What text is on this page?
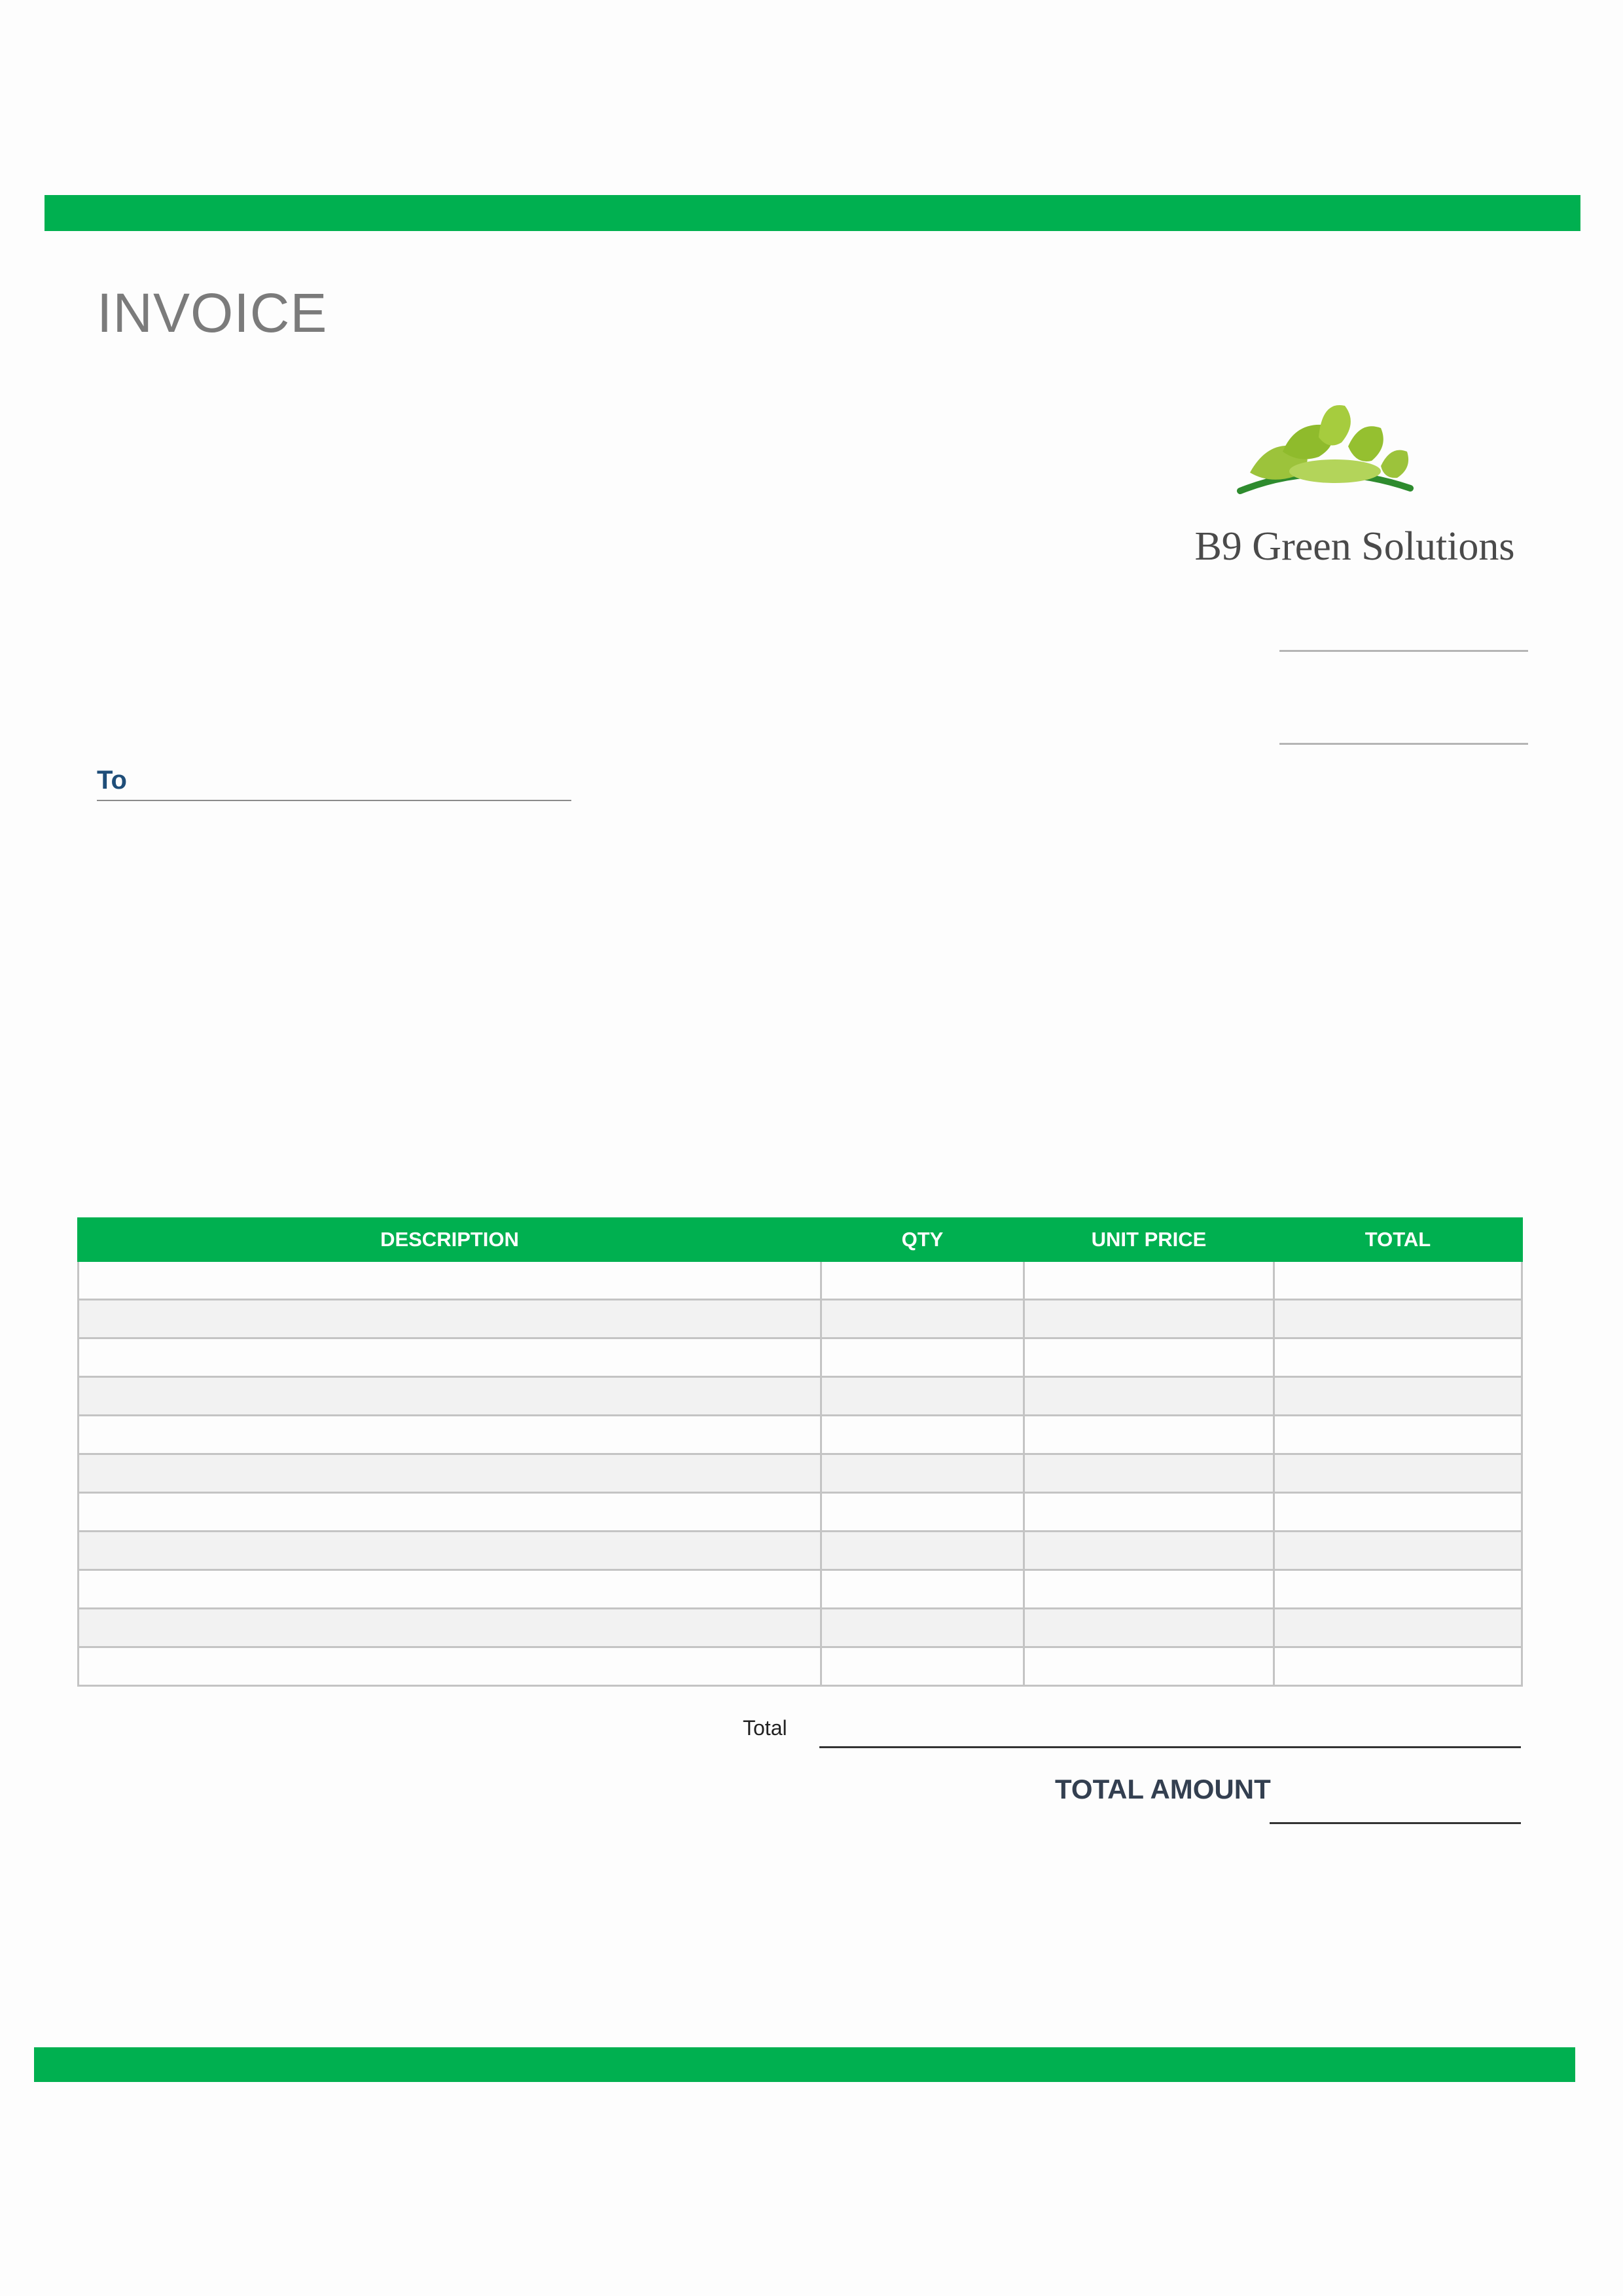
INVOICE
B9 Green Solutions
To
DESCRIPTION	QTY	UNIT PRICE	TOTAL

Total
TOTAL AMOUNT
